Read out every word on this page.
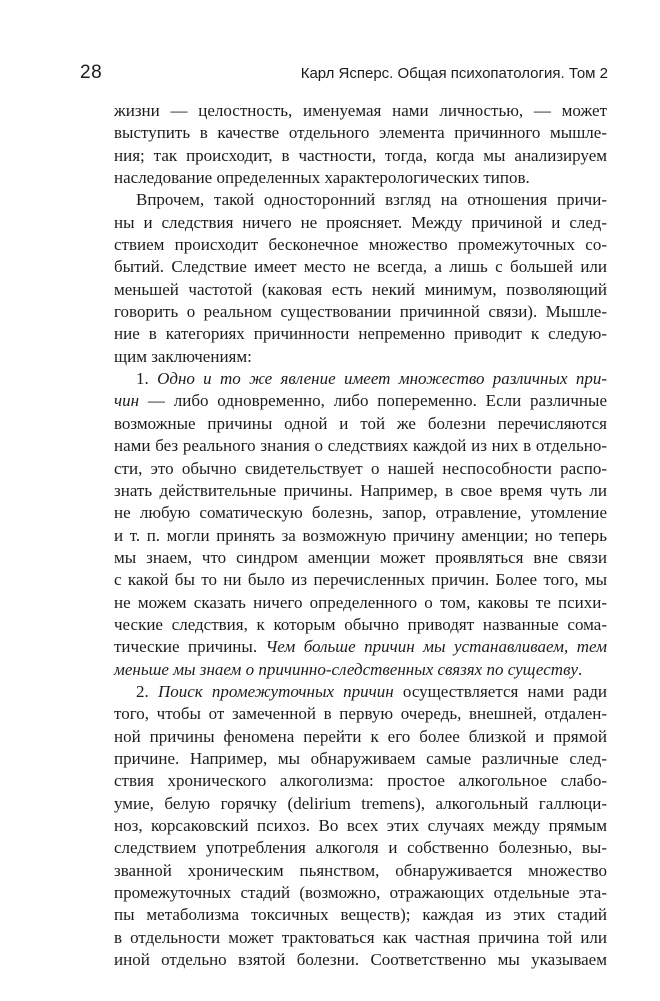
28	Карл Ясперс. Общая психопатология. Том 2
жизни — целостность, именуемая нами личностью, — может
выступить в качестве отдельного элемента причинного мышле-
ния; так происходит, в частности, тогда, когда мы анализируем
наследование определенных характерологических типов.
Впрочем, такой односторонний взгляд на отношения причи-
ны и следствия ничего не проясняет. Между причиной и след-
ствием происходит бесконечное множество промежуточных со-
бытий. Следствие имеет место не всегда, а лишь с большей или
меньшей частотой (каковая есть некий минимум, позволяющий
говорить о реальном существовании причинной связи). Мышле-
ние в категориях причинности непременно приводит к следую-
щим заключениям:
1. Одно и то же явление имеет множество различных при-
чин — либо одновременно, либо попеременно. Если различные
возможные причины одной и той же болезни перечисляются
нами без реального знания о следствиях каждой из них в отдельно-
сти, это обычно свидетельствует о нашей неспособности распо-
знать действительные причины. Например, в свое время чуть ли
не любую соматическую болезнь, запор, отравление, утомление
и т. п. могли принять за возможную причину аменции; но теперь
мы знаем, что синдром аменции может проявляться вне связи
с какой бы то ни было из перечисленных причин. Более того, мы
не можем сказать ничего определенного о том, каковы те психи-
ческие следствия, к которым обычно приводят названные сома-
тические причины. Чем больше причин мы устанавливаем, тем
меньше мы знаем о причинно-следственных связях по существу.
2. Поиск промежуточных причин осуществляется нами ради
того, чтобы от замеченной в первую очередь, внешней, отдален-
ной причины феномена перейти к его более близкой и прямой
причине. Например, мы обнаруживаем самые различные след-
ствия хронического алкоголизма: простое алкогольное слабо-
умие, белую горячку (delirium tremens), алкогольный галлюци-
ноз, корсаковский психоз. Во всех этих случаях между прямым
следствием употребления алкоголя и собственно болезнью, вы-
званной хроническим пьянством, обнаруживается множество
промежуточных стадий (возможно, отражающих отдельные эта-
пы метаболизма токсичных веществ); каждая из этих стадий
в отдельности может трактоваться как частная причина той или
иной отдельно взятой болезни. Соответственно мы указываем
